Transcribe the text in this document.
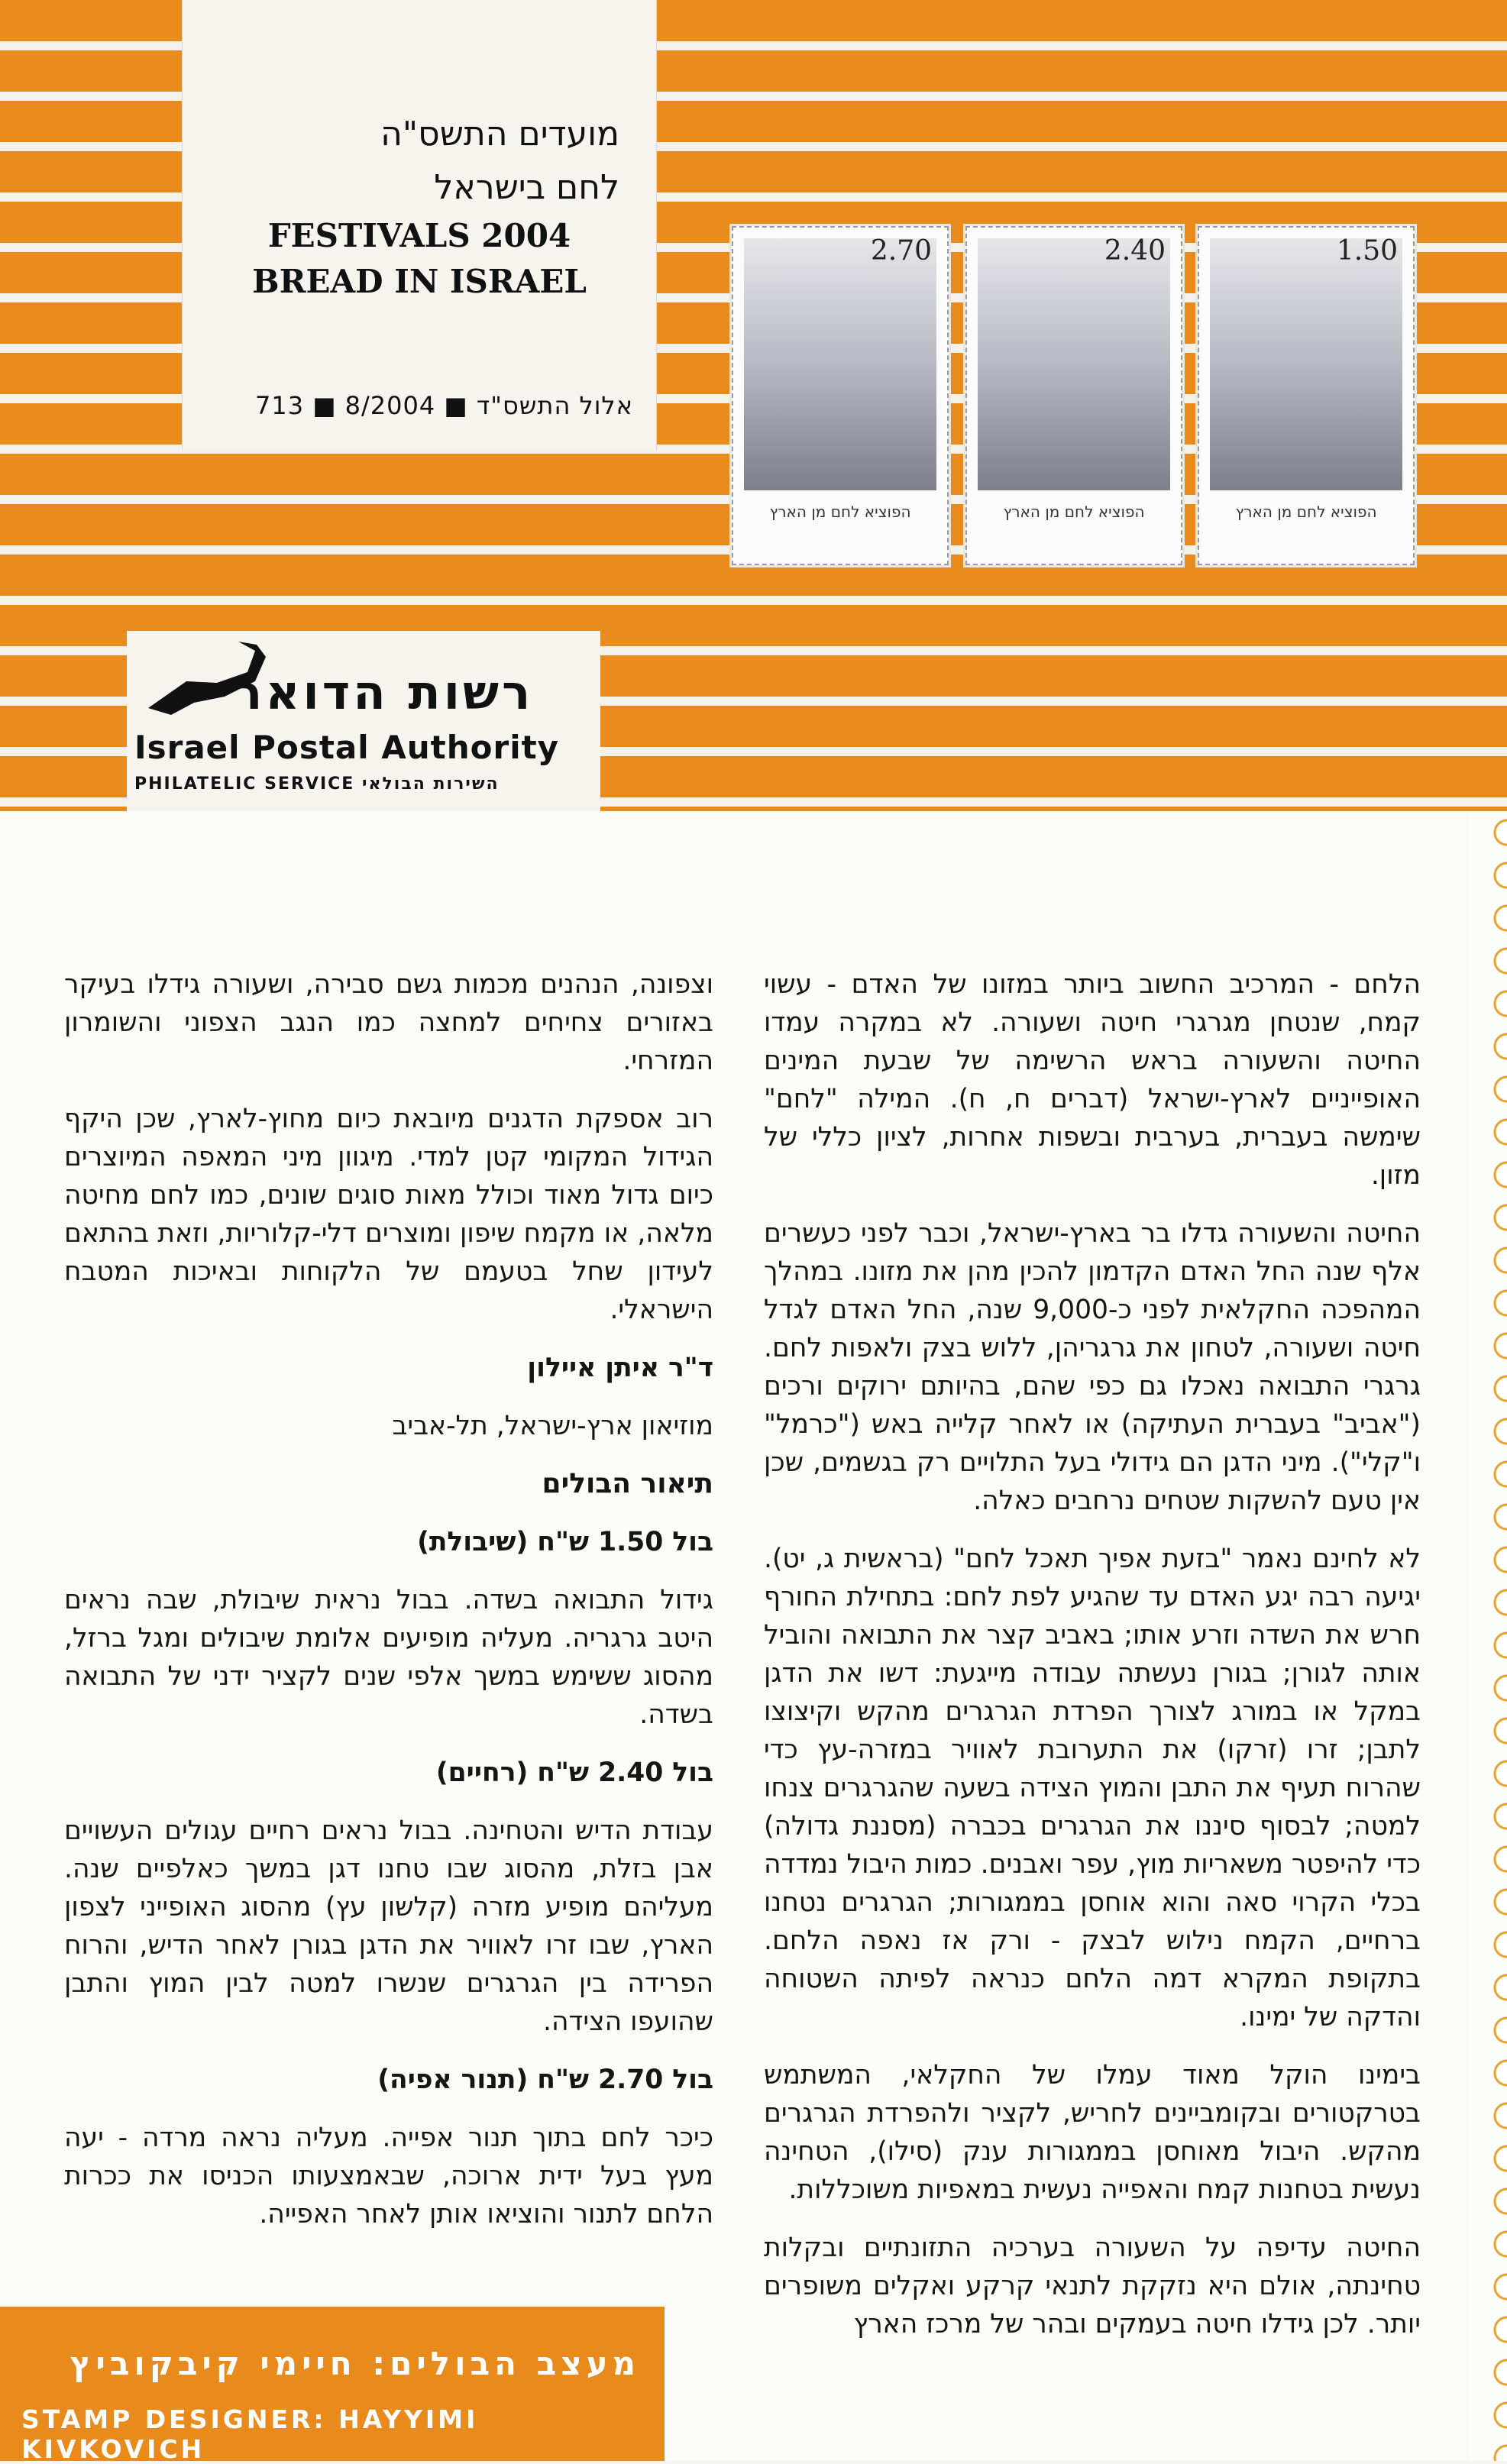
מועדים התשס"ה
לחם בישראל
FESTIVALS 2004
BREAD IN ISRAEL
אלול התשס"ד ■ 8/2004 ■ 713
2.70
הפוציא לחם מן הארץ
2.40
הפוציא לחם מן הארץ
1.50
הפוציא לחם מן הארץ
רשות הדואר
Israel Postal Authority
PHILATELIC SERVICE השירות הבולאי

הלחם - המרכיב החשוב ביותר במזונו של האדם - עשוי קמח, שנטחן מגרגרי חיטה ושעורה. לא במקרה עמדו החיטה והשעורה בראש הרשימה של שבעת המינים האופייניים לארץ-ישראל (דברים ח, ח). המילה "לחם" שימשה בעברית, בערבית ובשפות אחרות, לציון כללי של מזון.

החיטה והשעורה גדלו בר בארץ-ישראל, וכבר לפני כעשרים אלף שנה החל האדם הקדמון להכין מהן את מזונו. במהלך המהפכה החקלאית לפני כ-9,000 שנה, החל האדם לגדל חיטה ושעורה, לטחון את גרגריהן, ללוש בצק ולאפות לחם. גרגרי התבואה נאכלו גם כפי שהם, בהיותם ירוקים ורכים ("אביב" בעברית העתיקה) או לאחר קלייה באש ("כרמל" ו"קלי"). מיני הדגן הם גידולי בעל התלויים רק בגשמים, שכן אין טעם להשקות שטחים נרחבים כאלה.

לא לחינם נאמר "בזעת אפיך תאכל לחם" (בראשית ג, יט). יגיעה רבה יגע האדם עד שהגיע לפת לחם: בתחילת החורף חרש את השדה וזרע אותו; באביב קצר את התבואה והוביל אותה לגורן; בגורן נעשתה עבודה מייגעת: דשו את הדגן במקל או במורג לצורך הפרדת הגרגרים מהקש וקיצוצו לתבן; זרו (זרקו) את התערובת לאוויר במזרה-עץ כדי שהרוח תעיף את התבן והמוץ הצידה בשעה שהגרגרים צנחו למטה; לבסוף סיננו את הגרגרים בכברה (מסננת גדולה) כדי להיפטר משאריות מוץ, עפר ואבנים. כמות היבול נמדדה בכלי הקרוי סאה והוא אוחסן בממגורות; הגרגרים נטחנו ברחיים, הקמח נילוש לבצק - ורק אז נאפה הלחם. בתקופת המקרא דמה הלחם כנראה לפיתה השטוחה והדקה של ימינו.

בימינו הוקל מאוד עמלו של החקלאי, המשתמש בטרקטורים ובקומביינים לחריש, לקציר ולהפרדת הגרגרים מהקש. היבול מאוחסן בממגורות ענק (סילו), הטחינה נעשית בטחנות קמח והאפייה נעשית במאפיות משוכללות.

החיטה עדיפה על השעורה בערכיה התזונתיים ובקלות טחינתה, אולם היא נזקקת לתנאי קרקע ואקלים משופרים יותר. לכן גידלו חיטה בעמקים ובהר של מרכז הארץ

וצפונה, הנהנים מכמות גשם סבירה, ושעורה גידלו בעיקר באזורים צחיחים למחצה כמו הנגב הצפוני והשומרון המזרחי.

רוב אספקת הדגנים מיובאת כיום מחוץ-לארץ, שכן היקף הגידול המקומי קטן למדי. מיגוון מיני המאפה המיוצרים כיום גדול מאוד וכולל מאות סוגים שונים, כמו לחם מחיטה מלאה, או מקמח שיפון ומוצרים דלי-קלוריות, וזאת בהתאם לעידון שחל בטעמם של הלקוחות ובאיכות המטבח הישראלי.

ד"ר איתן איילון

מוזיאון ארץ-ישראל, תל-אביב

תיאור הבולים

בול 1.50 ש"ח (שיבולת)

גידול התבואה בשדה. בבול נראית שיבולת, שבה נראים היטב גרגריה. מעליה מופיעים אלומת שיבולים ומגל ברזל, מהסוג ששימש במשך אלפי שנים לקציר ידני של התבואה בשדה.

בול 2.40 ש"ח (רחיים)

עבודת הדיש והטחינה. בבול נראים רחיים עגולים העשויים אבן בזלת, מהסוג שבו טחנו דגן במשך כאלפיים שנה. מעליהם מופיע מזרה (קלשון עץ) מהסוג האופייני לצפון הארץ, שבו זרו לאוויר את הדגן בגורן לאחר הדיש, והרוח הפרידה בין הגרגרים שנשרו למטה לבין המוץ והתבן שהועפו הצידה.

בול 2.70 ש"ח (תנור אפיה)

כיכר לחם בתוך תנור אפייה. מעליה נראה מרדה - יעה מעץ בעל ידית ארוכה, שבאמצעותו הכניסו את ככרות הלחם לתנור והוציאו אותן לאחר האפייה.

מעצב הבולים: חיימי קיבקוביץ
STAMP DESIGNER: HAYYIMI KIVKOVICH
